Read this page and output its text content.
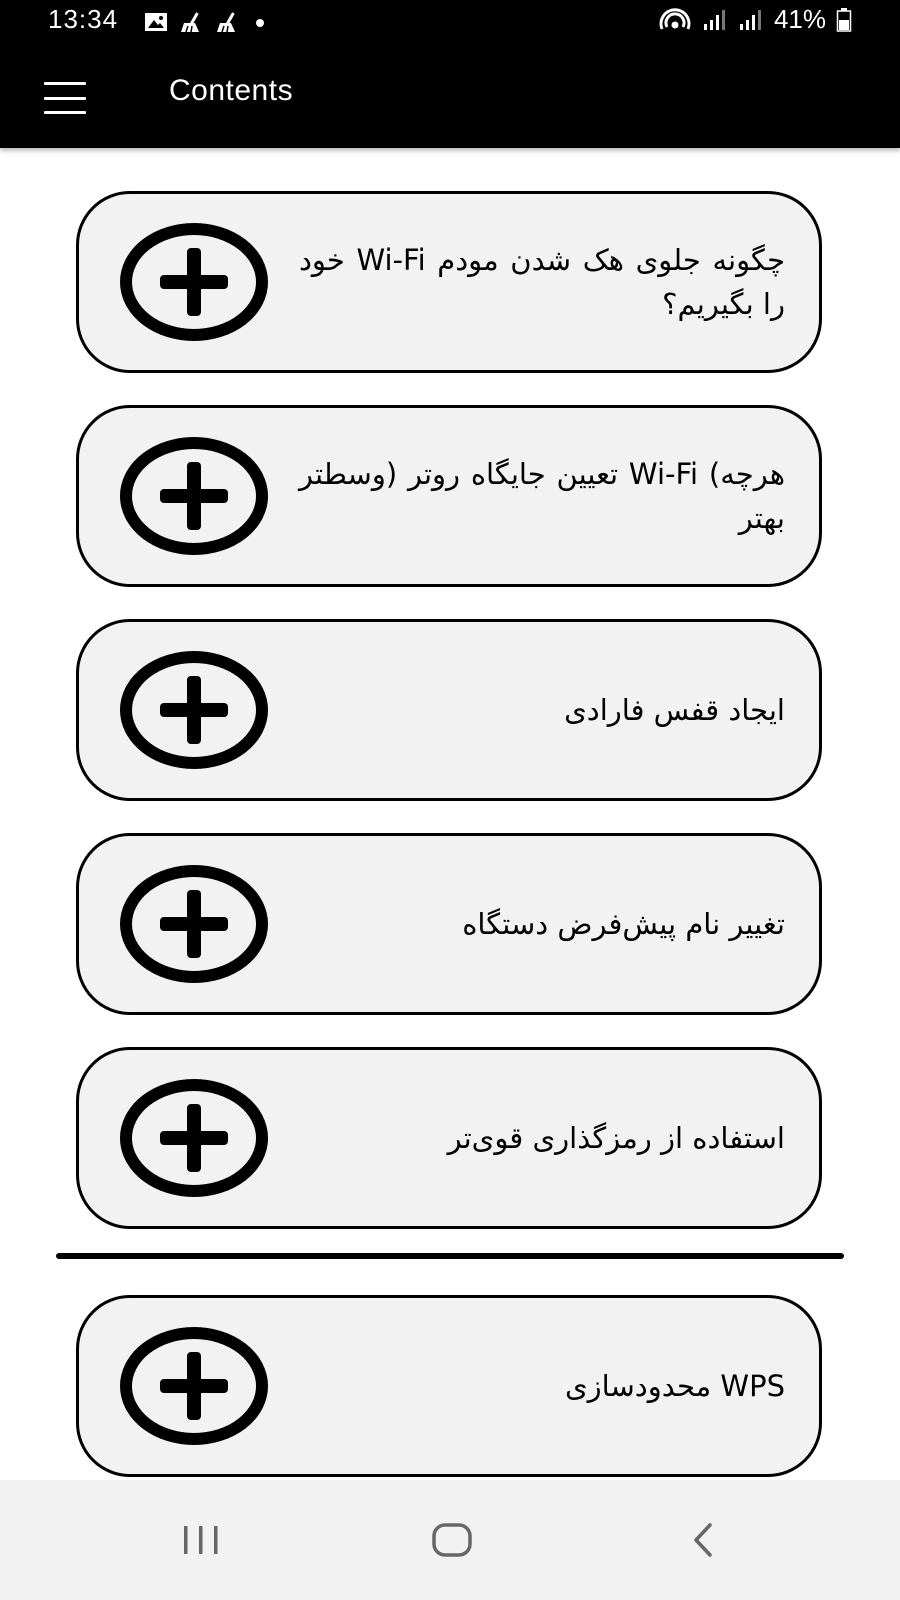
13:34	41%
Contents
چگونه جلوی هک شدن مودم Wi-Fi خود را بگیریم؟
هرچه) Wi-Fi تعیین جایگاه روتر (وسطتر بهتر
ایجاد قفس فارادی
تغییر نام پیش‌فرض دستگاه
استفاده از رمزگذاری قوی‌تر
WPS محدودسازی
